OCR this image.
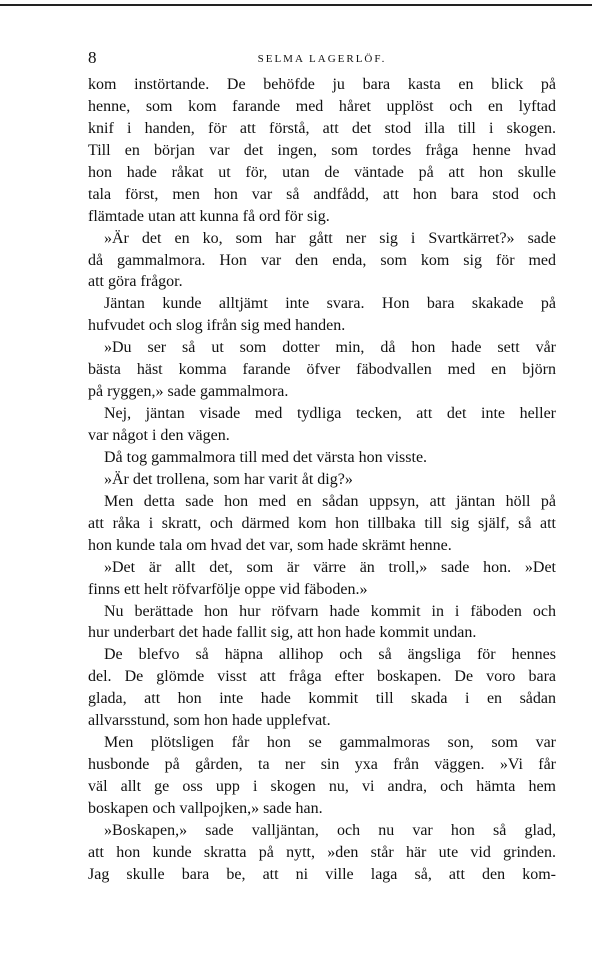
8	SELMA LAGERLÖF.
kom instörtande. De behöfde ju bara kasta en blick på
henne, som kom farande med håret upplöst och en lyftad
knif i handen, för att förstå, att det stod illa till i skogen.
Till en början var det ingen, som tordes fråga henne hvad
hon hade råkat ut för, utan de väntade på att hon skulle
tala först, men hon var så andfådd, att hon bara stod och
flämtade utan att kunna få ord för sig.
»Är det en ko, som har gått ner sig i Svartkärret?» sade
då gammalmora. Hon var den enda, som kom sig för med
att göra frågor.
Jäntan kunde alltjämt inte svara. Hon bara skakade på
hufvudet och slog ifrån sig med handen.
»Du ser så ut som dotter min, då hon hade sett vår
bästa häst komma farande öfver fäbodvallen med en björn
på ryggen,» sade gammalmora.
Nej, jäntan visade med tydliga tecken, att det inte heller
var något i den vägen.
Då tog gammalmora till med det värsta hon visste.
»Är det trollena, som har varit åt dig?»
Men detta sade hon med en sådan uppsyn, att jäntan höll på
att råka i skratt, och därmed kom hon tillbaka till sig själf, så att
hon kunde tala om hvad det var, som hade skrämt henne.
»Det är allt det, som är värre än troll,» sade hon. »Det
finns ett helt röfvarfölje oppe vid fäboden.»
Nu berättade hon hur röfvarn hade kommit in i fäboden och
hur underbart det hade fallit sig, att hon hade kommit undan.
De blefvo så häpna allihop och så ängsliga för hennes
del. De glömde visst att fråga efter boskapen. De voro bara
glada, att hon inte hade kommit till skada i en sådan
allvarsstund, som hon hade upplefvat.
Men plötsligen får hon se gammalmoras son, som var
husbonde på gården, ta ner sin yxa från väggen. »Vi får
väl allt ge oss upp i skogen nu, vi andra, och hämta hem
boskapen och vallpojken,» sade han.
»Boskapen,» sade valljäntan, och nu var hon så glad,
att hon kunde skratta på nytt, »den står här ute vid grinden.
Jag skulle bara be, att ni ville laga så, att den kom-
